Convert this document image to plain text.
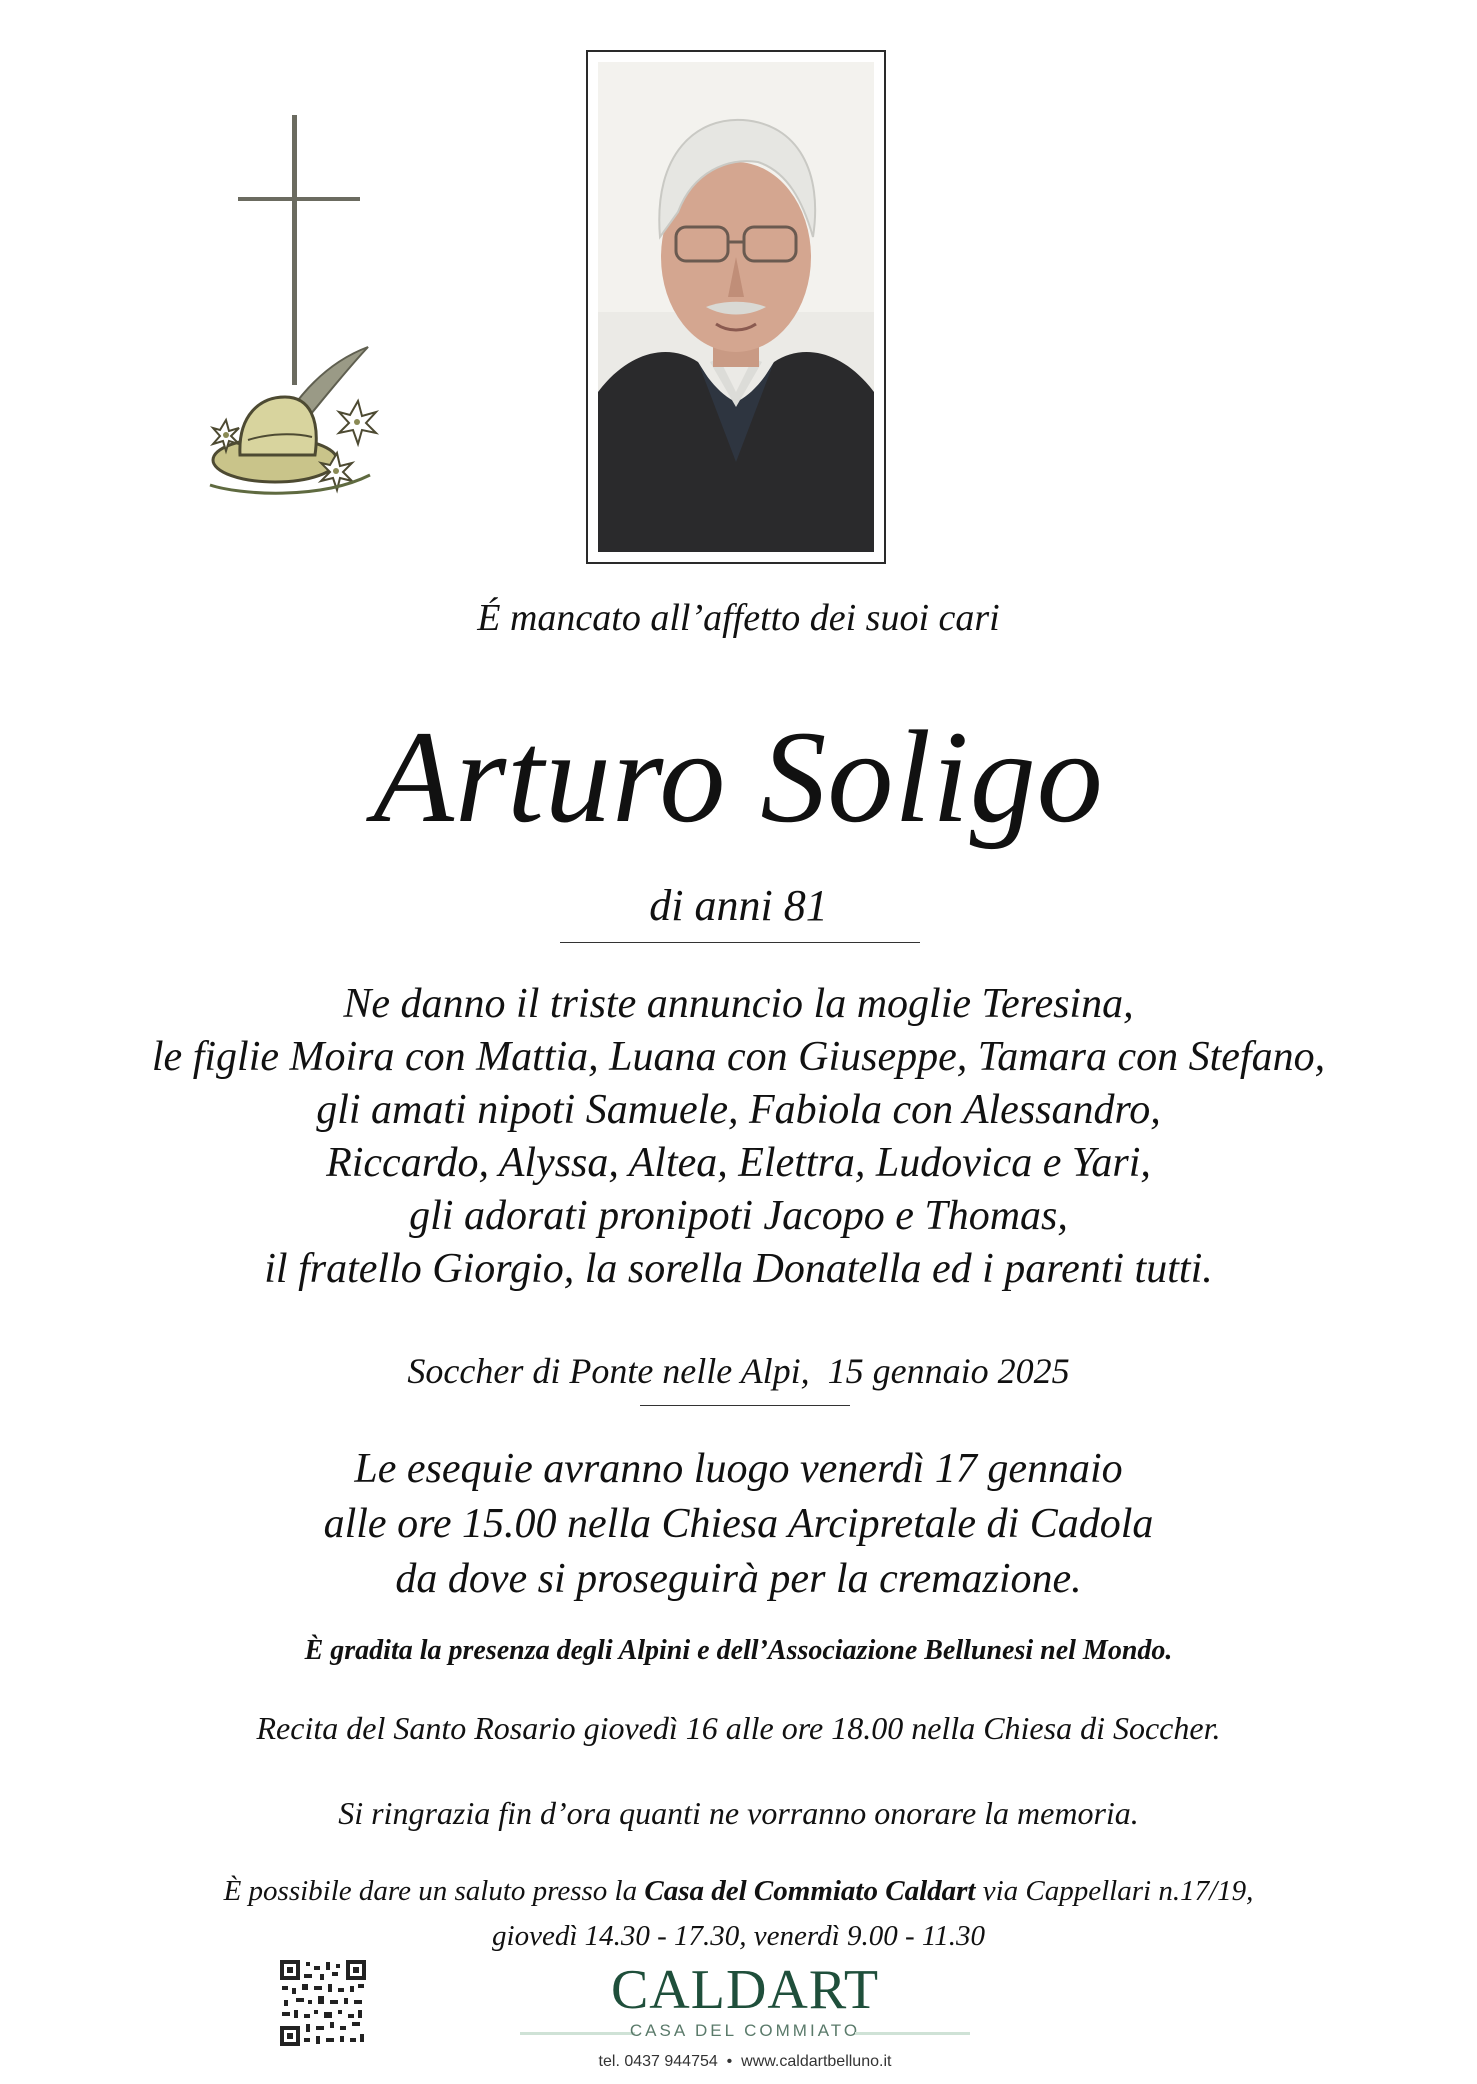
É mancato all’affetto dei suoi cari
Arturo Soligo
di anni 81
Ne danno il triste annuncio la moglie Teresina,
le figlie Moira con Mattia, Luana con Giuseppe, Tamara con Stefano,
gli amati nipoti Samuele, Fabiola con Alessandro,
Riccardo, Alyssa, Altea, Elettra, Ludovica e Yari,
gli adorati pronipoti Jacopo e Thomas,
il fratello Giorgio, la sorella Donatella ed i parenti tutti.
Soccher di Ponte nelle Alpi,  15 gennaio 2025
Le esequie avranno luogo venerdì 17 gennaio
alle ore 15.00 nella Chiesa Arcipretale di Cadola
da dove si proseguirà per la cremazione.
È gradita la presenza degli Alpini e dell’Associazione Bellunesi nel Mondo.
Recita del Santo Rosario giovedì 16 alle ore 18.00 nella Chiesa di Soccher.
Si ringrazia fin d’ora quanti ne vorranno onorare la memoria.
È possibile dare un saluto presso la Casa del Commiato Caldart via Cappellari n.17/19,
giovedì 14.30 - 17.30, venerdì 9.00 - 11.30
CALDART
CASA DEL COMMIATO
tel. 0437 944754  •  www.caldartbelluno.it
